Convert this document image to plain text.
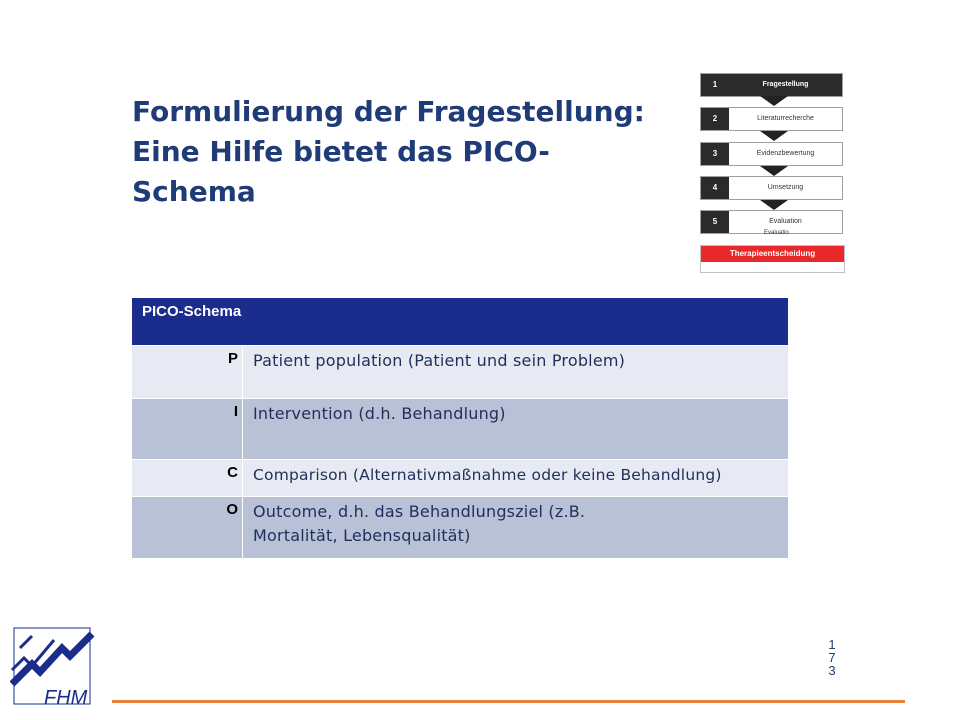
Formulierung der Fragestellung:
Eine Hilfe bietet das PICO-
Schema
1	Fragestellung
2	Literaturrecherche
3	Evidenzbewertung
4	Umsetzung
5	Evaluation
Evaluatio
Therapieentscheidung
PICO-Schema
P Patient population (Patient und sein Problem)
I Intervention (d.h. Behandlung)
C Comparison (Alternativmaßnahme oder keine Behandlung)
O Outcome, d.h. das Behandlungsziel (z.B.
Mortalität, Lebensqualität)
FHM
1
7
3
